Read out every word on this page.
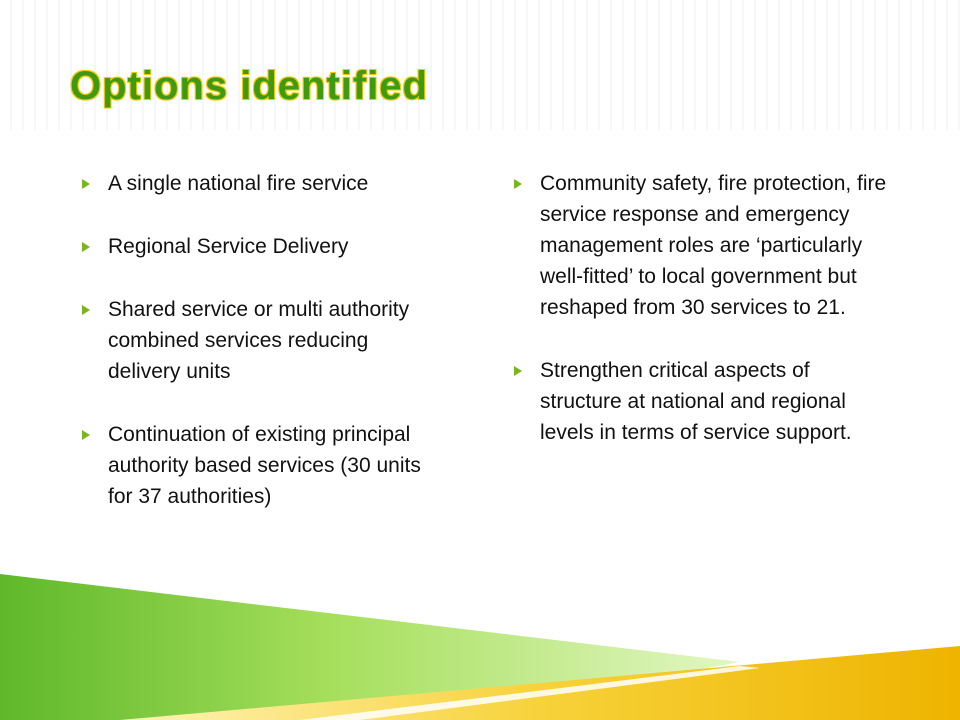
Options identified
A single national fire service
Regional Service Delivery
Shared service or multi authority combined services reducing delivery units
Continuation of existing principal authority based services (30 units for 37 authorities)
Community safety, fire protection, fire service response and emergency management roles are ‘particularly well-fitted’ to local government but reshaped from 30 services to 21.
Strengthen critical aspects of structure at national and regional levels in terms of service support.
